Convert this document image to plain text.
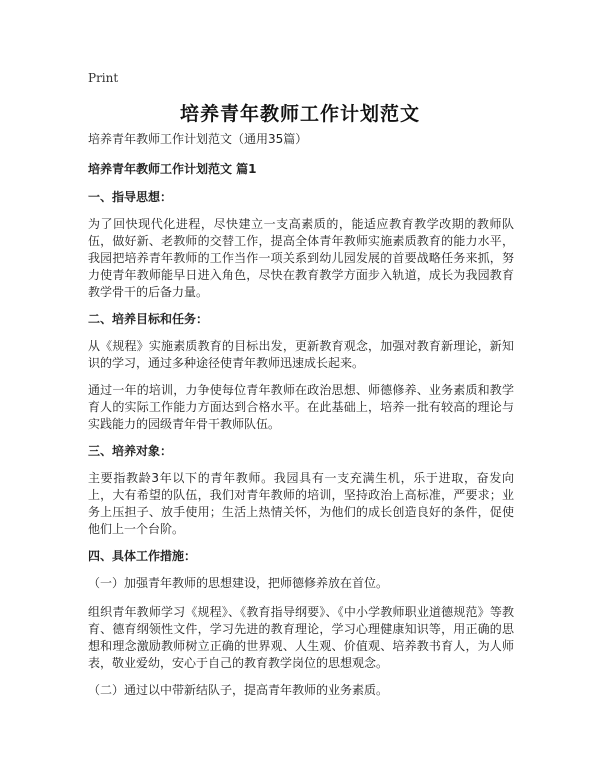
Print
培养青年教师工作计划范文

培养青年教师工作计划范文（通用35篇）

培养青年教师工作计划范文 篇1

一、指导思想：

为了回快现代化进程，尽快建立一支高素质的，能适应教育教学改期的教师队伍，做好新、老教师的交替工作，提高全体青年教师实施素质教育的能力水平，我园把培养青年教师的工作当作一项关系到幼儿园发展的首要战略任务来抓，努力使青年教师能早日进入角色，尽快在教育教学方面步入轨道，成长为我园教育教学骨干的后备力量。

二、培养目标和任务：

从《规程》实施素质教育的目标出发，更新教育观念，加强对教育新理论，新知识的学习，通过多种途径使青年教师迅速成长起来。

通过一年的培训，力争使每位青年教师在政治思想、师德修养、业务素质和教学育人的实际工作能力方面达到合格水平。在此基础上，培养一批有较高的理论与实践能力的园级青年骨干教师队伍。

三、培养对象：

主要指教龄3年以下的青年教师。我园具有一支充满生机，乐于进取，奋发向上，大有希望的队伍，我们对青年教师的培训，坚持政治上高标准，严要求；业务上压担子、放手使用；生活上热情关怀，为他们的成长创造良好的条件，促使他们上一个台阶。

四、具体工作措施：

（一）加强青年教师的思想建设，把师德修养放在首位。

组织青年教师学习《规程》、《教育指导纲要》、《中小学教师职业道德规范》等教育、德育纲领性文件，学习先进的教育理论，学习心理健康知识等，用正确的思想和理念激励教师树立正确的世界观、人生观、价值观、培养教书育人，为人师表，敬业爱幼，安心于自己的教育教学岗位的思想观念。

（二）通过以中带新结队子，提高青年教师的业务素质。
